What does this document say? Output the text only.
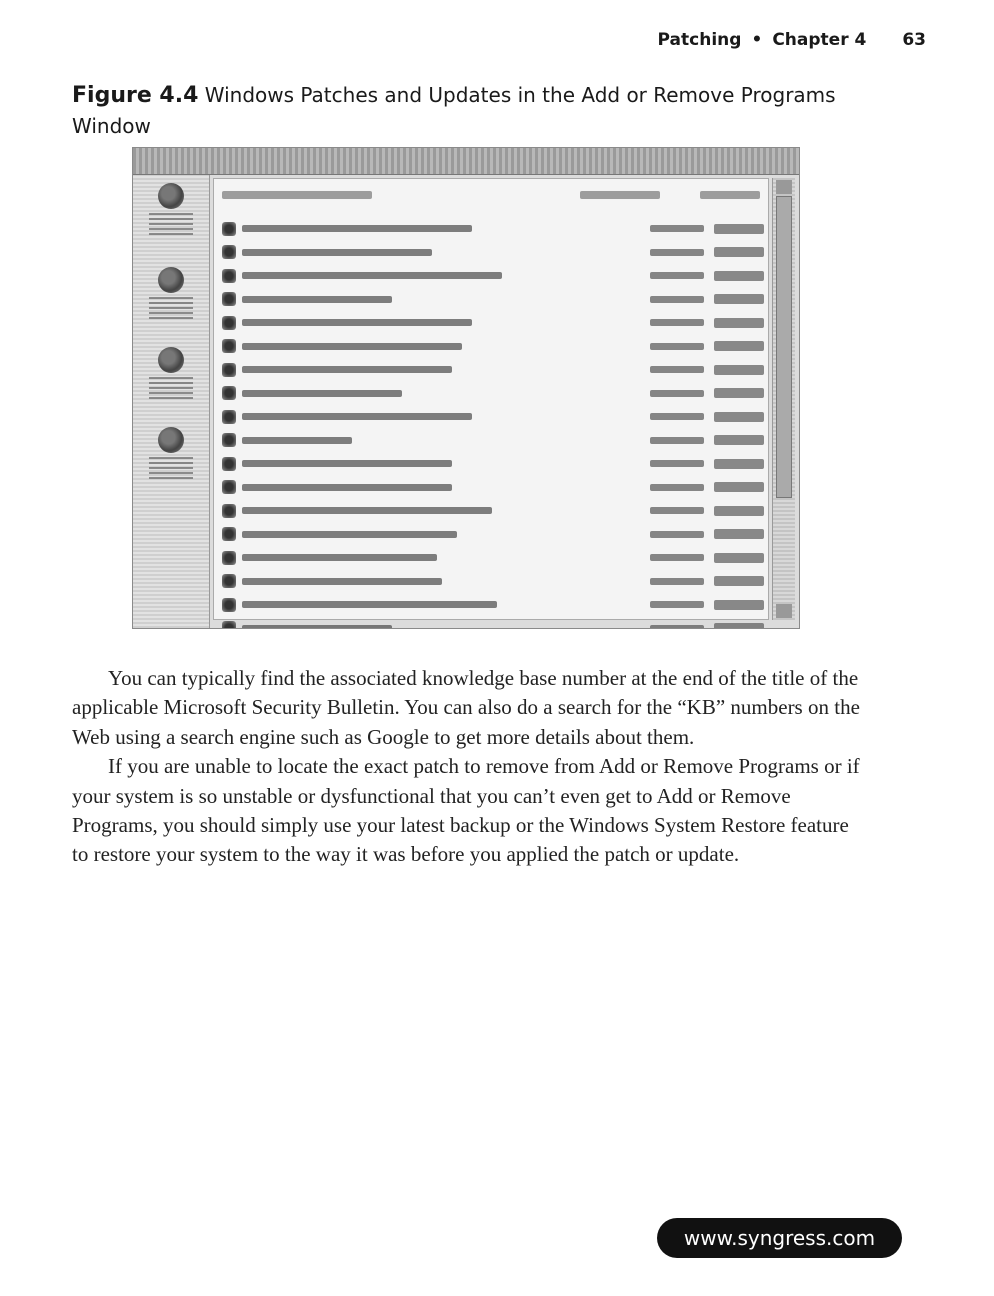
Patching • Chapter 4 63
Figure 4.4 Windows Patches and Updates in the Add or Remove Programs Window

You can typically find the associated knowledge base number at the end of the title of the applicable Microsoft Security Bulletin. You can also do a search for the “KB” numbers on the Web using a search engine such as Google to get more details about them.

If you are unable to locate the exact patch to remove from Add or Remove Programs or if your system is so unstable or dysfunctional that you can’t even get to Add or Remove Programs, you should simply use your latest backup or the Windows System Restore feature to restore your system to the way it was before you applied the patch or update.

www.syngress.com
